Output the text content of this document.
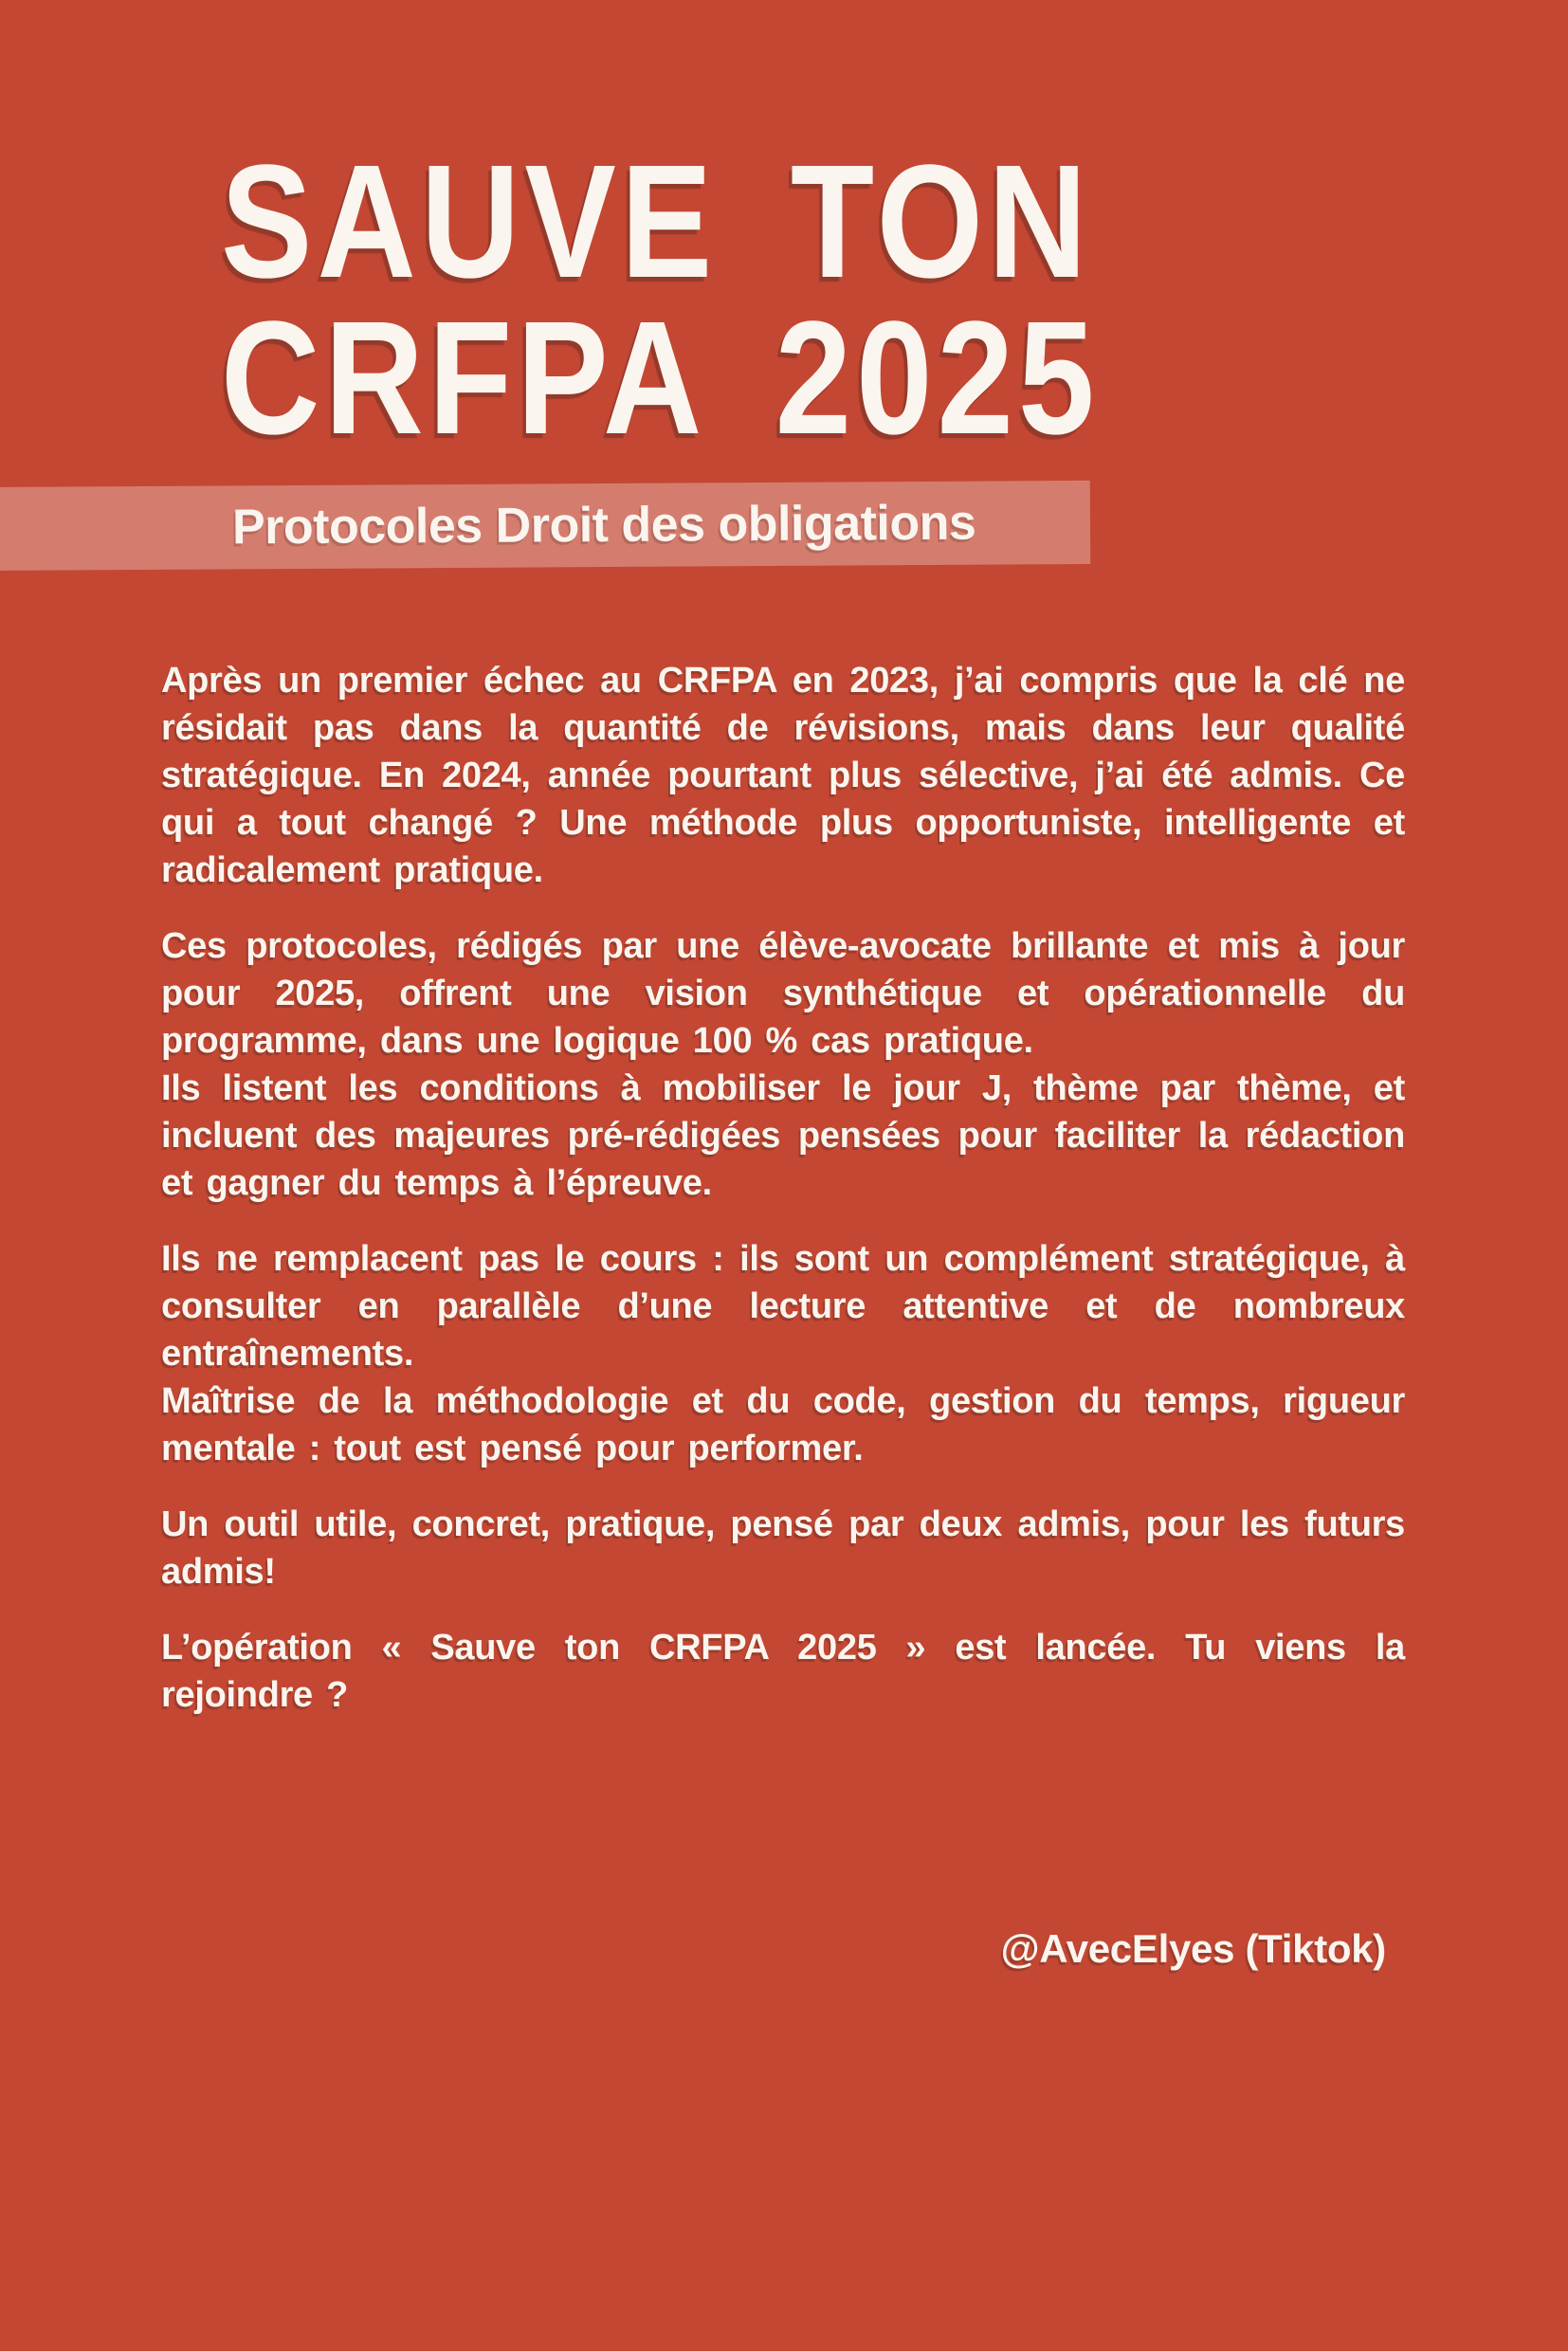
SAUVE TON
CRFPA 2025
Protocoles Droit des obligations

Après un premier échec au CRFPA en 2023, j’ai compris que la clé ne résidait pas dans la quantité de révisions, mais dans leur qualité stratégique. En 2024, année pourtant plus sélective, j’ai été admis. Ce qui a tout changé ? Une méthode plus opportuniste, intelligente et radicalement pratique.

Ces protocoles, rédigés par une élève-avocate brillante et mis à jour pour 2025, offrent une vision synthétique et opérationnelle du programme, dans une logique 100 % cas pratique.

Ils listent les conditions à mobiliser le jour J, thème par thème, et incluent des majeures pré-rédigées pensées pour faciliter la rédaction et gagner du temps à l’épreuve.

Ils ne remplacent pas le cours : ils sont un complément stratégique, à consulter en parallèle d’une lecture attentive et de nombreux entraînements.

Maîtrise de la méthodologie et du code, gestion du temps, rigueur mentale : tout est pensé pour performer.

Un outil utile, concret, pratique, pensé par deux admis, pour les futurs admis!

L’opération « Sauve ton CRFPA 2025 » est lancée. Tu viens la rejoindre ?

@AvecElyes (Tiktok)
